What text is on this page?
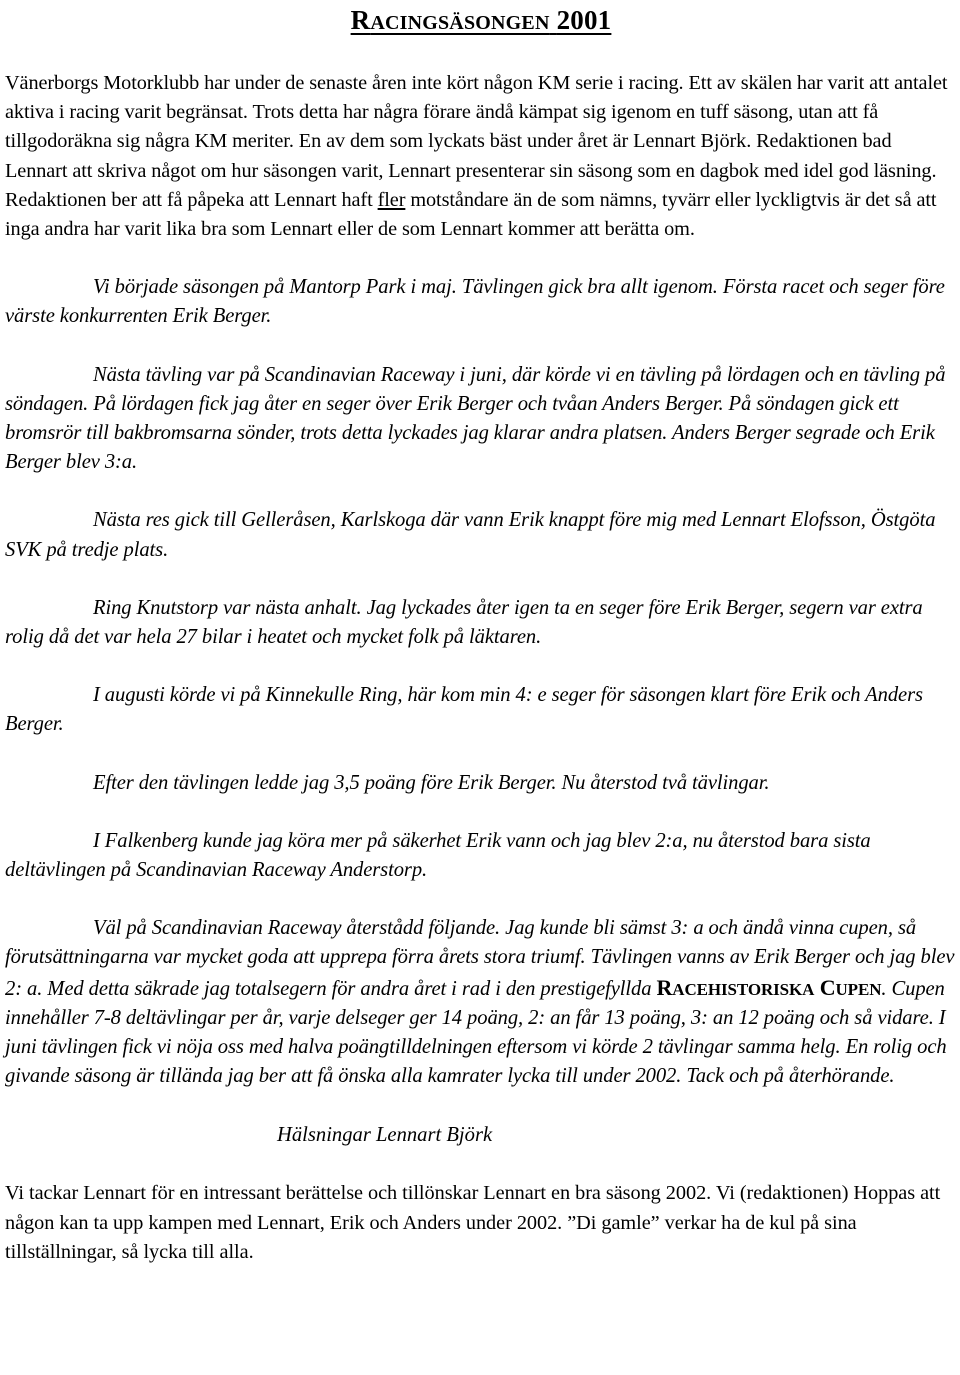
RACINGSÄSONGEN 2001

Vänerborgs Motorklubb har under de senaste åren inte kört någon KM serie i racing. Ett av skälen har varit att antalet aktiva i racing varit begränsat. Trots detta har några förare ändå kämpat sig igenom en tuff säsong, utan att få tillgodoräkna sig några KM meriter. En av dem som lyckats bäst under året är Lennart Björk. Redaktionen bad Lennart att skriva något om hur säsongen varit, Lennart presenterar sin säsong som en dagbok med idel god läsning. Redaktionen ber att få påpeka att Lennart haft fler motståndare än de som nämns, tyvärr eller lyckligtvis är det så att inga andra har varit lika bra som Lennart eller de som Lennart kommer att berätta om.

Vi började säsongen på Mantorp Park i maj. Tävlingen gick bra allt igenom. Första racet och seger före värste konkurrenten Erik Berger.

Nästa tävling var på Scandinavian Raceway i juni, där körde vi en tävling på lördagen och en tävling på söndagen. På lördagen fick jag åter en seger över Erik Berger och tvåan Anders Berger. På söndagen gick ett bromsrör till bakbromsarna sönder, trots detta lyckades jag klarar andra platsen. Anders Berger segrade och Erik Berger blev 3:a.

Nästa res gick till Gelleråsen, Karlskoga där vann Erik knappt före mig med Lennart Elofsson, Östgöta SVK på tredje plats.

Ring Knutstorp var nästa anhalt. Jag lyckades åter igen ta en seger före Erik Berger, segern var extra rolig då det var hela 27 bilar i heatet och mycket folk på läktaren.

I augusti körde vi på Kinnekulle Ring, här kom min 4: e seger för säsongen klart före Erik och Anders Berger.

Efter den tävlingen ledde jag 3,5 poäng före Erik Berger. Nu återstod två tävlingar.

I Falkenberg kunde jag köra mer på säkerhet Erik vann och jag blev 2:a, nu återstod bara sista deltävlingen på Scandinavian Raceway Anderstorp.

Väl på Scandinavian Raceway återstådd följande. Jag kunde bli sämst 3: a och ändå vinna cupen, så förutsättningarna var mycket goda att upprepa förra årets stora triumf. Tävlingen vanns av Erik Berger och jag blev 2: a. Med detta säkrade jag totalsegern för andra året i rad i den prestigefyllda RACEHISTORISKA CUPEN. Cupen innehåller 7-8 deltävlingar per år, varje delseger ger 14 poäng, 2: an får 13 poäng, 3: an 12 poäng och så vidare. I juni tävlingen fick vi nöja oss med halva poängtilldelningen eftersom vi körde 2 tävlingar samma helg. En rolig och givande säsong är tillända jag ber att få önska alla kamrater lycka till under 2002. Tack och på återhörande.

Hälsningar Lennart Björk

Vi tackar Lennart för en intressant berättelse och tillönskar Lennart en bra säsong 2002. Vi (redaktionen) Hoppas att någon kan ta upp kampen med Lennart, Erik och Anders under 2002. ”Di gamle” verkar ha de kul på sina tillställningar, så lycka till alla.
